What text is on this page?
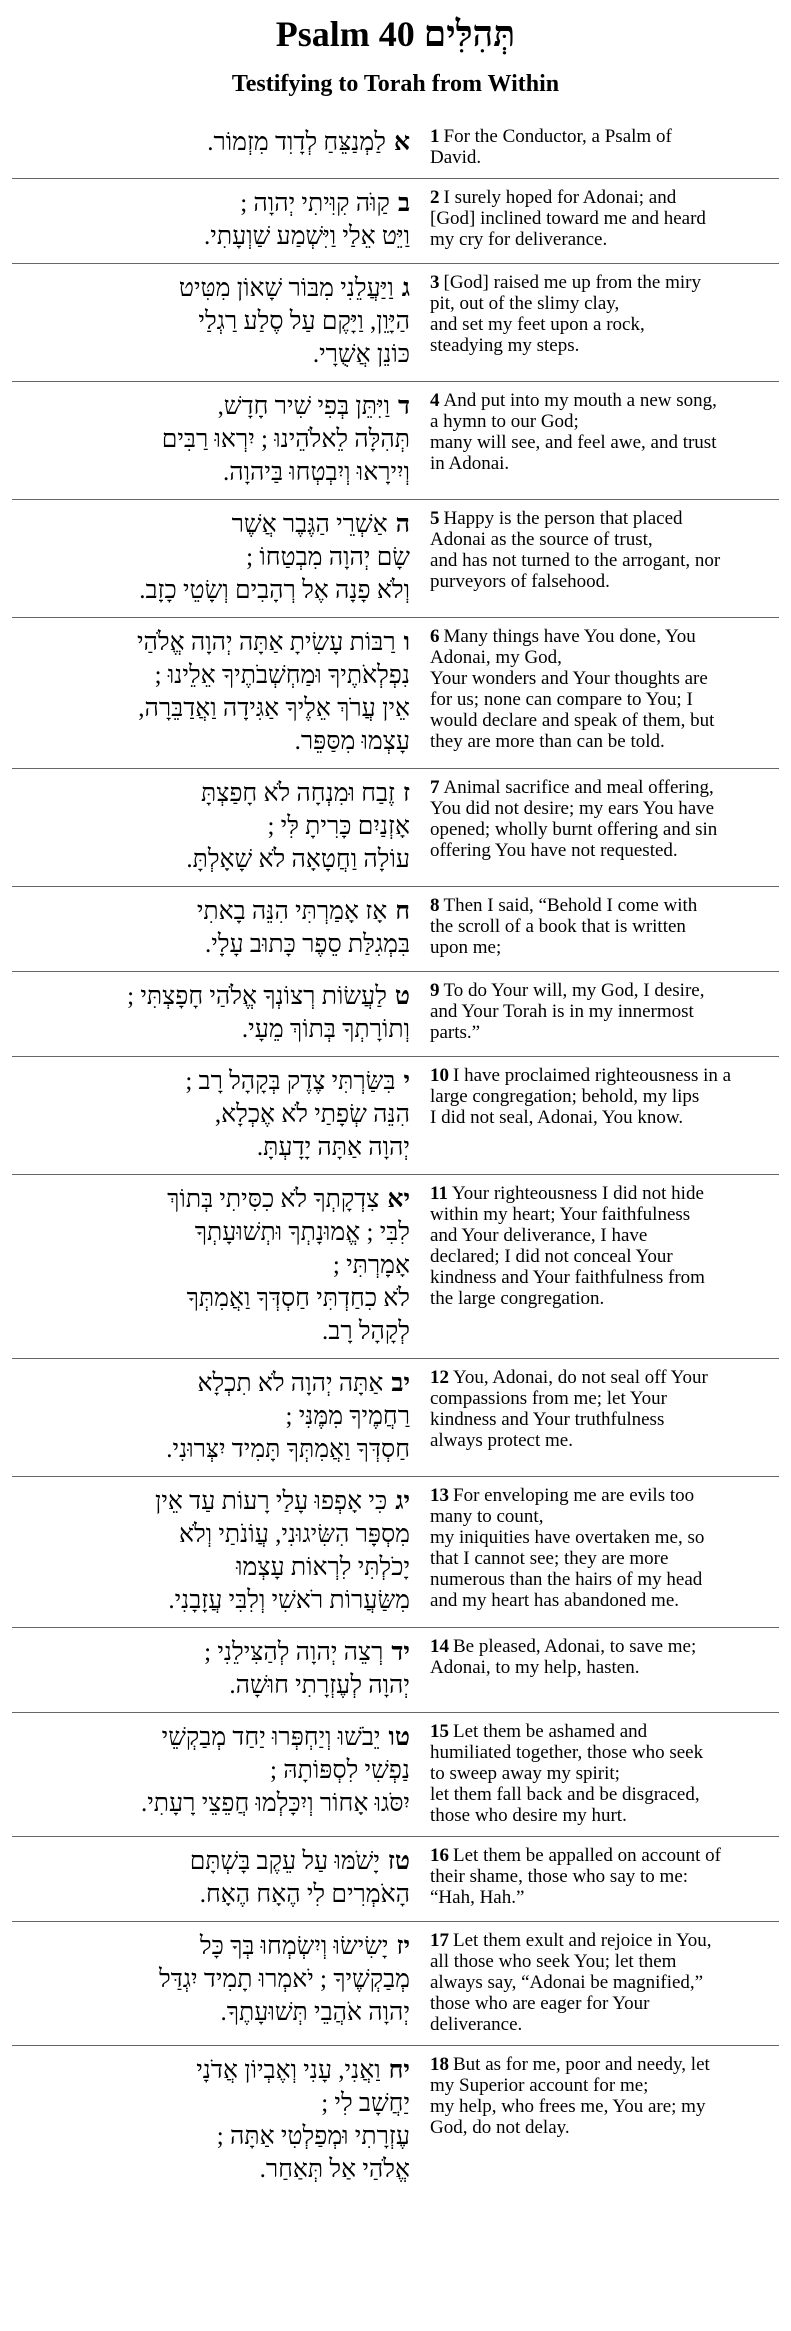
Psalm 40 תְּהִלִּים
Testifying to Torah from Within
אלַמְנַצֵּחַ לְדָוִד מִזְמוֹר.	1 For the Conductor, a Psalm of
David.
בקַוֹּה קִוִּיתִי יְהוָה ;
וַיֵּט אֵלַי וַיִּשְׁמַע שַׁוְעָתִי.
2 I surely hoped for Adonai; and
[God] inclined toward me and heard
my cry for deliverance.
גוַיַּעֲלֵנִי מִבּוֹר שָׁאוֹן מִטִּיט
הַיָּוֵן, וַיָּקֶם עַל סֶלַע רַגְלַי
כּוֹנֵן אֲשֻׁרָי.
3 [God] raised me up from the miry
pit, out of the slimy clay,
and set my feet upon a rock,
steadying my steps.
דוַיִּתֵּן בְּפִי שִׁיר חָדָשׁ,
תְּהִלָּה לֵאלֹהֵינוּ ; יִרְאוּ רַבִּים
וְיִירָאוּ וְיִבְטְחוּ בַּיהוָה.
4 And put into my mouth a new song,
a hymn to our God;
many will see, and feel awe, and trust
in Adonai.
האַשְׁרֵי הַגֶּבֶר אֲשֶׁר
שָׂם יְהוָה מִבְטַחוֹ ;
וְלֹא פָנָה אֶל רְהָבִים וְשָׂטֵי כָזָב.
5 Happy is the person that placed
Adonai as the source of trust,
and has not turned to the arrogant, nor
purveyors of falsehood.
ורַבּוֹת עָשִׂיתָ אַתָּה יְהוָה אֱלֹהַי
נִפְלְאֹתֶיךָ וּמַחְשְׁבֹתֶיךָ אֵלֵינוּ ;
אֵין עֲרֹךְ אֵלֶיךָ אַגִּידָה וַאֲדַבֵּרָה,
עָצְמוּ מִסַּפֵּר.
6 Many things have You done, You
Adonai, my God,
Your wonders and Your thoughts are
for us; none can compare to You; I
would declare and speak of them, but
they are more than can be told.
זזֶבַח וּמִנְחָה לֹא חָפַצְתָּ
אָזְנַיִם כָּרִיתָ לִּי ;
עוֹלָה וַחֲטָאָה לֹא שָׁאָלְתָּ.
7 Animal sacrifice and meal offering,
You did not desire; my ears You have
opened; wholly burnt offering and sin
offering You have not requested.
חאָז אָמַרְתִּי הִנֵּה בָאתִי
בִּמְגִלַּת סֵפֶר כָּתוּב עָלָי.
8 Then I said, “Behold I come with
the scroll of a book that is written
upon me;
טלַעֲשׂוֹת רְצוֹנְךָ אֱלֹהַי חָפָצְתִּי ;
וְתוֹרָתְךָ בְּתוֹךְ מֵעָי.
9 To do Your will, my God, I desire,
and Your Torah is in my innermost
parts.”
יבִּשַּׂרְתִּי צֶדֶק בְּקָהָל רָב ;
הִנֵּה שְׂפָתַי לֹא אֶכְלָא,
יְהוָה אַתָּה יָדָעְתָּ.
10 I have proclaimed righteousness in a
large congregation; behold, my lips
I did not seal, Adonai, You know.
יאצִדְקָתְךָ לֹא כִסִּיתִי בְּתוֹךְ
לִבִּי ; אֱמוּנָתְךָ וּתְשׁוּעָתְךָ
אָמָרְתִּי ;
לֹא כִחַדְתִּי חַסְדְּךָ וַאֲמִתְּךָ
לְקָהָל רָב.
11 Your righteousness I did not hide
within my heart; Your faithfulness
and Your deliverance, I have
declared; I did not conceal Your
kindness and Your faithfulness from
the large congregation.
יבאַתָּה יְהוָה לֹא תִכְלָא
רַחֲמֶיךָ מִמֶּנִּי ;
חַסְדְּךָ וַאֲמִתְּךָ תָּמִיד יִצְּרוּנִי.
12 You, Adonai, do not seal off Your
compassions from me; let Your
kindness and Your truthfulness
always protect me.
יגכִּי אָפְפוּ עָלַי רָעוֹת עַד אֵין
מִסְפָּר הִשִּׂיגוּנִי, עֲוֹנֹתַי וְלֹא
יָכֹלְתִּי לִרְאוֹת עָצְמוּ
מִשַּׂעֲרוֹת רֹאשִׁי וְלִבִּי עֲזָבָנִי.
13 For enveloping me are evils too
many to count,
my iniquities have overtaken me, so
that I cannot see; they are more
numerous than the hairs of my head
and my heart has abandoned me.
ידרְצֵה יְהוָה לְהַצִּילֵנִי ;
יְהוָה לְעֶזְרָתִי חוּשָׁה.
14 Be pleased, Adonai, to save me;
Adonai, to my help, hasten.
טויֵבֹשׁוּ וְיַחְפְּרוּ יַחַד מְבַקְשֵׁי
נַפְשִׁי לִסְפּוֹתָהּ ;
יִסֹּגוּ אָחוֹר וְיִכָּלְמוּ חֲפֵצֵי רָעָתִי.
15 Let them be ashamed and
humiliated together, those who seek
to sweep away my spirit;
let them fall back and be disgraced,
those who desire my hurt.
טזיָשֹׁמּוּ עַל עֵקֶב בָּשְׁתָּם
הָאֹמְרִים לִי הֶאָח הֶאָח.
16 Let them be appalled on account of
their shame, those who say to me:
“Hah, Hah.”
יזיָשִׂישׂוּ וְיִשְׂמְחוּ בְּךָ כָּל
מְבַקְשֶׁיךָ ; יֹאמְרוּ תָמִיד יִגְדַּל
יְהוָה אֹהֲבֵי תְּשׁוּעָתֶךָ.
17 Let them exult and rejoice in You,
all those who seek You; let them
always say, “Adonai be magnified,”
those who are eager for Your
deliverance.
יחוַאֲנִי, עָנִי וְאֶבְיוֹן אֲדֹנָי
יַחֲשָׁב לִי ;
עֶזְרָתִי וּמְפַלְטִי אַתָּה ;
אֱלֹהַי אַל תְּאַחַר.
18 But as for me, poor and needy, let
my Superior account for me;
my help, who frees me, You are; my
God, do not delay.
